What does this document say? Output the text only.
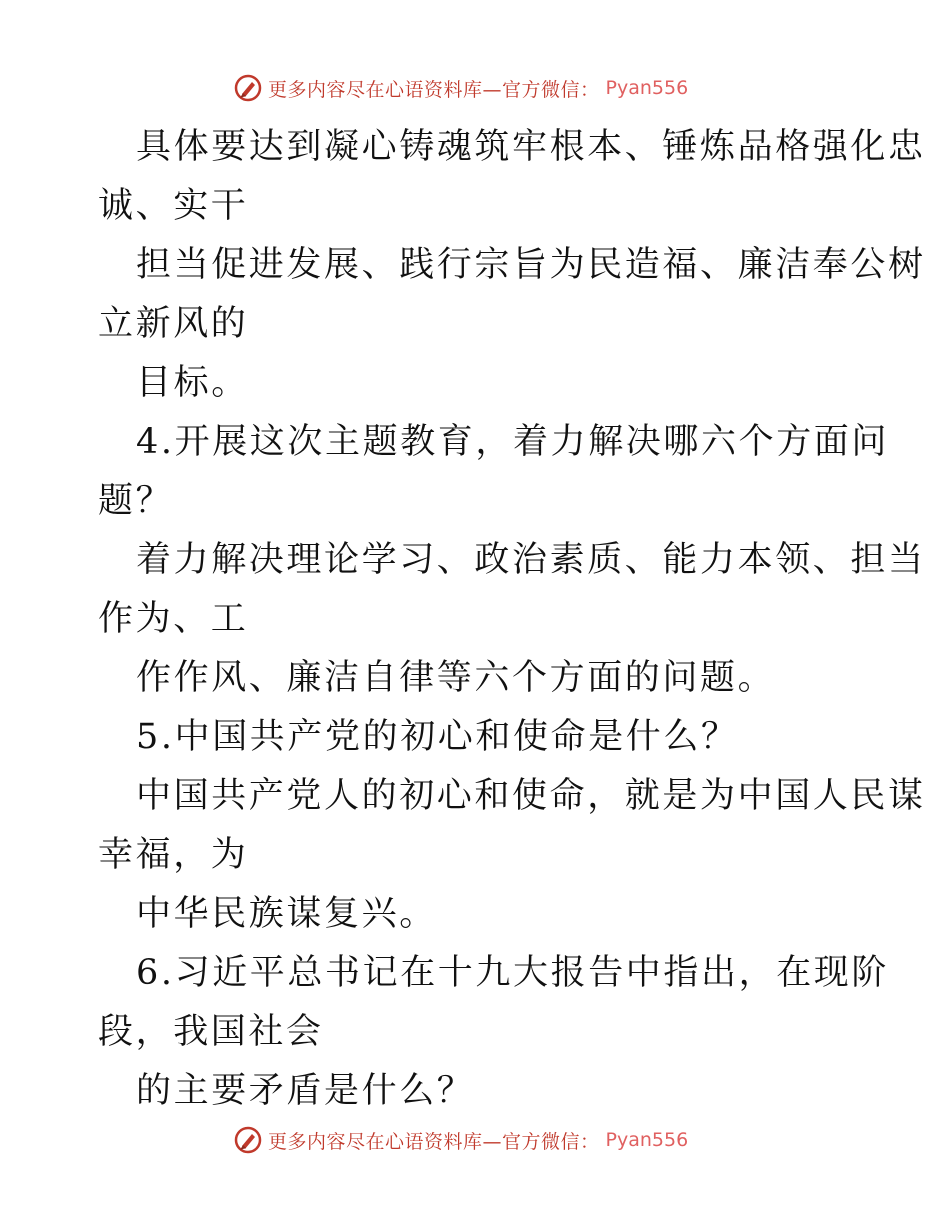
更多内容尽在心语资料库—官方微信： Pyan556
具体要达到凝心铸魂筑牢根本、锤炼品格强化忠
诚、实干
担当促进发展、践行宗旨为民造福、廉洁奉公树
立新风的
目标。
4.开展这次主题教育，着力解决哪六个方面问
题？
着力解决理论学习、政治素质、能力本领、担当
作为、工
作作风、廉洁自律等六个方面的问题。
5.中国共产党的初心和使命是什么？
中国共产党人的初心和使命，就是为中国人民谋
幸福，为
中华民族谋复兴。
6.习近平总书记在十九大报告中指出，在现阶
段，我国社会
的主要矛盾是什么？
更多内容尽在心语资料库—官方微信： Pyan556
